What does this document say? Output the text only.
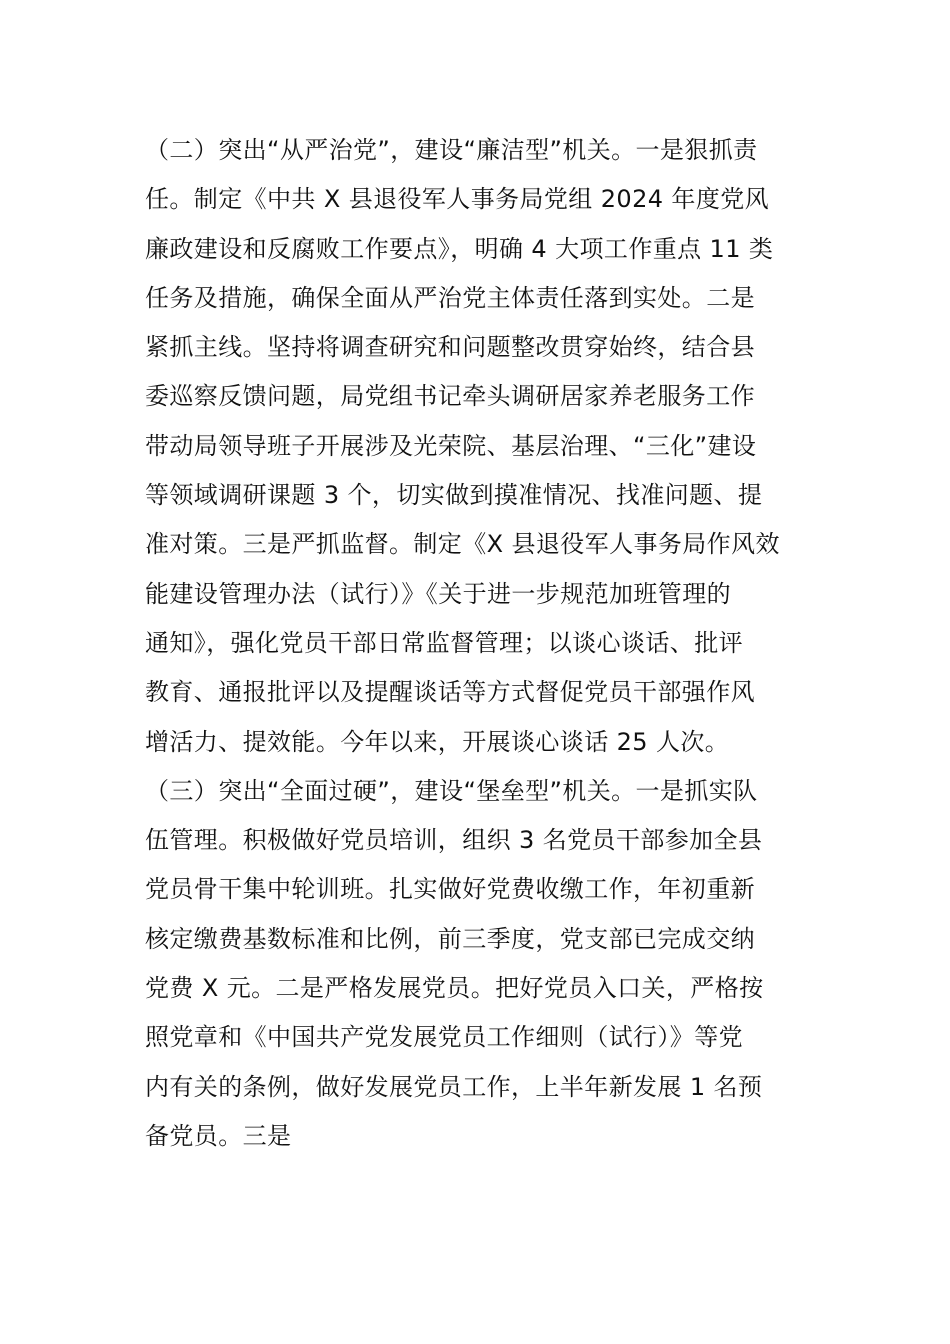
（二）突出“从严治党”，建设“廉洁型”机关。一是狠抓责
任。制定《中共 X 县退役军人事务局党组 2024 年度党风
廉政建设和反腐败工作要点》，明确 4 大项工作重点 11 类
任务及措施，确保全面从严治党主体责任落到实处。二是
紧抓主线。坚持将调查研究和问题整改贯穿始终，结合县
委巡察反馈问题，局党组书记牵头调研居家养老服务工作
带动局领导班子开展涉及光荣院、基层治理、“三化”建设
等领域调研课题 3 个，切实做到摸准情况、找准问题、提
准对策。三是严抓监督。制定《X 县退役军人事务局作风效
能建设管理办法（试行）》《关于进一步规范加班管理的
通知》，强化党员干部日常监督管理；以谈心谈话、批评
教育、通报批评以及提醒谈话等方式督促党员干部强作风
增活力、提效能。今年以来，开展谈心谈话 25 人次。
（三）突出“全面过硬”，建设“堡垒型”机关。一是抓实队
伍管理。积极做好党员培训，组织 3 名党员干部参加全县
党员骨干集中轮训班。扎实做好党费收缴工作，年初重新
核定缴费基数标准和比例，前三季度，党支部已完成交纳
党费 X 元。二是严格发展党员。把好党员入口关，严格按
照党章和《中国共产党发展党员工作细则（试行）》等党
内有关的条例，做好发展党员工作，上半年新发展 1 名预
备党员。三是
